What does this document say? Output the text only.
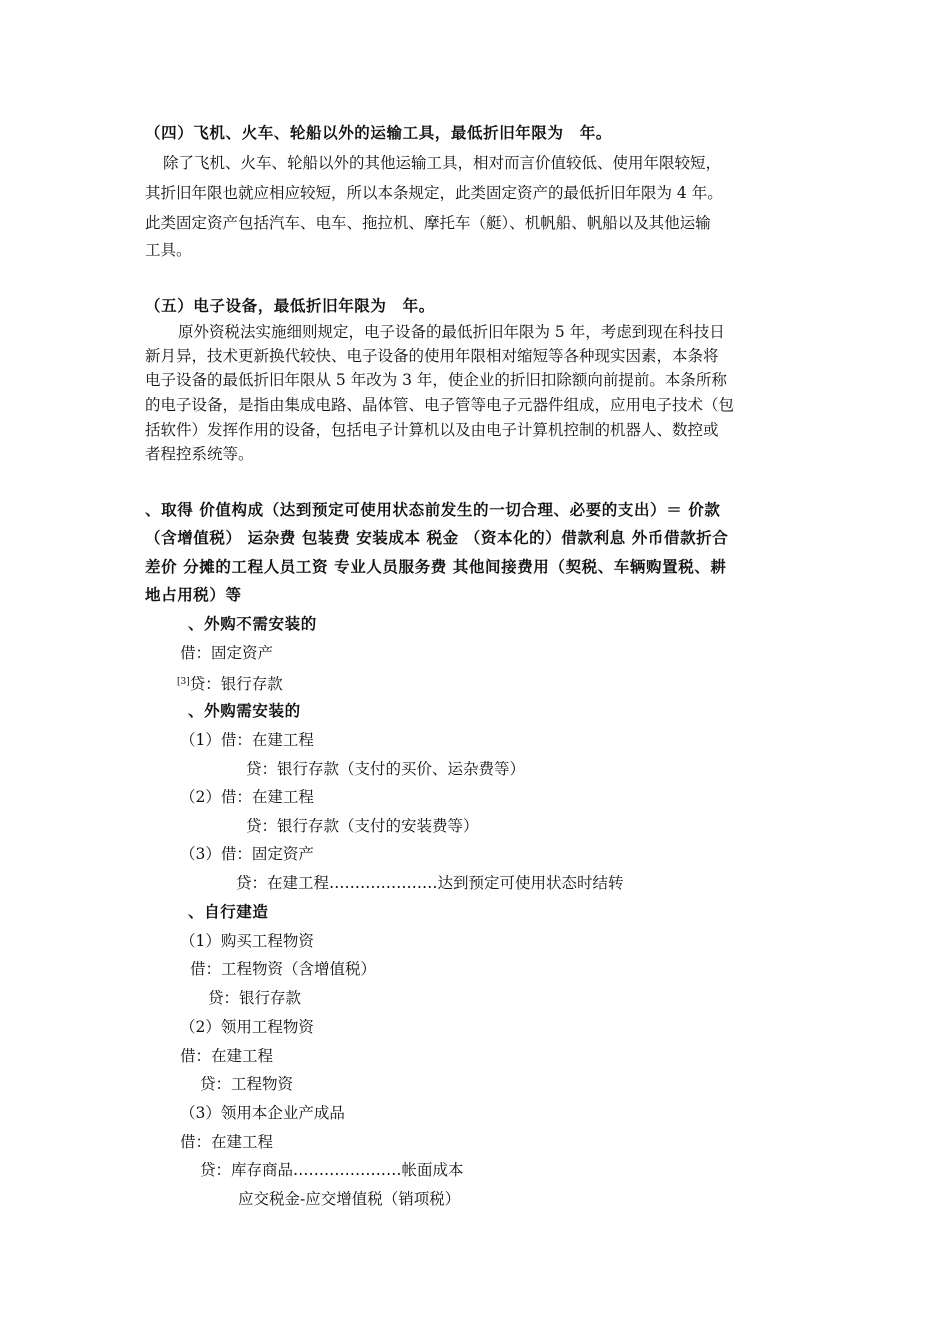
（四）飞机、火车、轮船以外的运输工具，最低折旧年限为　年。
除了飞机、火车、轮船以外的其他运输工具，相对而言价值较低、使用年限较短，
其折旧年限也就应相应较短，所以本条规定，此类固定资产的最低折旧年限为 4 年。
此类固定资产包括汽车、电车、拖拉机、摩托车（艇）、机帆船、帆船以及其他运输
工具。
（五）电子设备，最低折旧年限为　年。
原外资税法实施细则规定，电子设备的最低折旧年限为 5 年，考虑到现在科技日
新月异，技术更新换代较快、电子设备的使用年限相对缩短等各种现实因素，本条将
电子设备的最低折旧年限从 5 年改为 3 年，使企业的折旧扣除额向前提前。本条所称
的电子设备，是指由集成电路、晶体管、电子管等电子元器件组成，应用电子技术（包
括软件）发挥作用的设备，包括电子计算机以及由电子计算机控制的机器人、数控或
者程控系统等。
、取得 价值构成（达到预定可使用状态前发生的一切合理、必要的支出）＝ 价款
（含增值税） 运杂费 包装费 安装成本 税金 （资本化的）借款利息 外币借款折合
差价 分摊的工程人员工资 专业人员服务费 其他间接费用（契税、车辆购置税、耕
地占用税）等
、外购不需安装的
借：固定资产
[3]贷：银行存款
、外购需安装的
（1）借：在建工程
贷：银行存款（支付的买价、运杂费等）
（2）借：在建工程
贷：银行存款（支付的安装费等）
（3）借：固定资产
贷：在建工程…………………达到预定可使用状态时结转
、自行建造
（1）购买工程物资
借：工程物资（含增值税）
贷：银行存款
（2）领用工程物资
借：在建工程
贷：工程物资
（3）领用本企业产成品
借：在建工程
贷：库存商品…………………帐面成本
应交税金-应交增值税（销项税）
